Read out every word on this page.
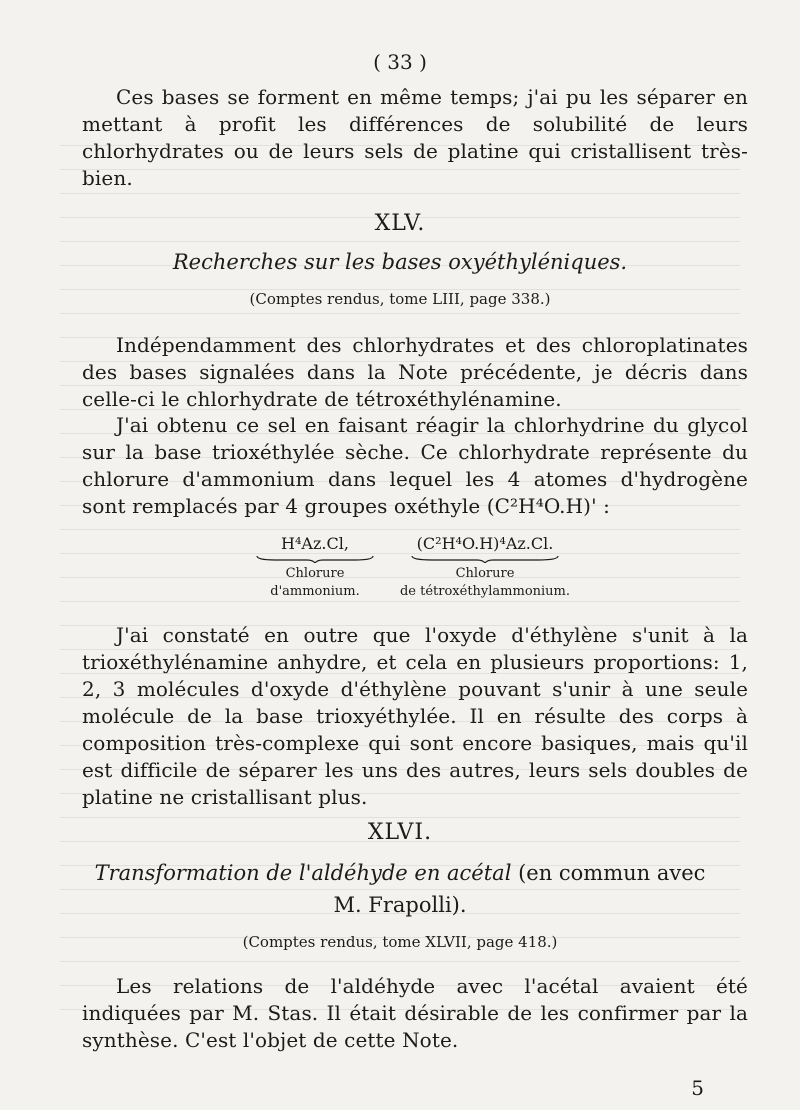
( 33 )
Ces bases se forment en même temps; j'ai pu les séparer en mettant à profit les différences de solubilité de leurs chlorhydrates ou de leurs sels de platine qui cristallisent très-bien.
XLV.
Recherches sur les bases oxyéthyléniques.
(Comptes rendus, tome LIII, page 338.)
Indépendamment des chlorhydrates et des chloroplatinates des bases signalées dans la Note précédente, je décris dans celle-ci le chlorhydrate de tétroxéthylénamine.
J'ai obtenu ce sel en faisant réagir la chlorhydrine du glycol sur la base trioxéthylée sèche. Ce chlorhydrate représente du chlorure d'ammonium dans lequel les 4 atomes d'hydrogène sont remplacés par 4 groupes oxéthyle (C²H⁴O.H)' :
H⁴Az.Cl,
Chlorure
d'ammonium.
(C²H⁴O.H)⁴Az.Cl.
Chlorure
de tétroxéthylammonium.
J'ai constaté en outre que l'oxyde d'éthylène s'unit à la trioxéthylénamine anhydre, et cela en plusieurs proportions: 1, 2, 3 molécules d'oxyde d'éthylène pouvant s'unir à une seule molécule de la base trioxyéthylée. Il en résulte des corps à composition très-complexe qui sont encore basiques, mais qu'il est difficile de séparer les uns des autres, leurs sels doubles de platine ne cristallisant plus.
XLVI.
Transformation de l'aldéhyde en acétal (en commun avec
M. Frapolli).
(Comptes rendus, tome XLVII, page 418.)
Les relations de l'aldéhyde avec l'acétal avaient été indiquées par M. Stas. Il était désirable de les confirmer par la synthèse. C'est l'objet de cette Note.
5
